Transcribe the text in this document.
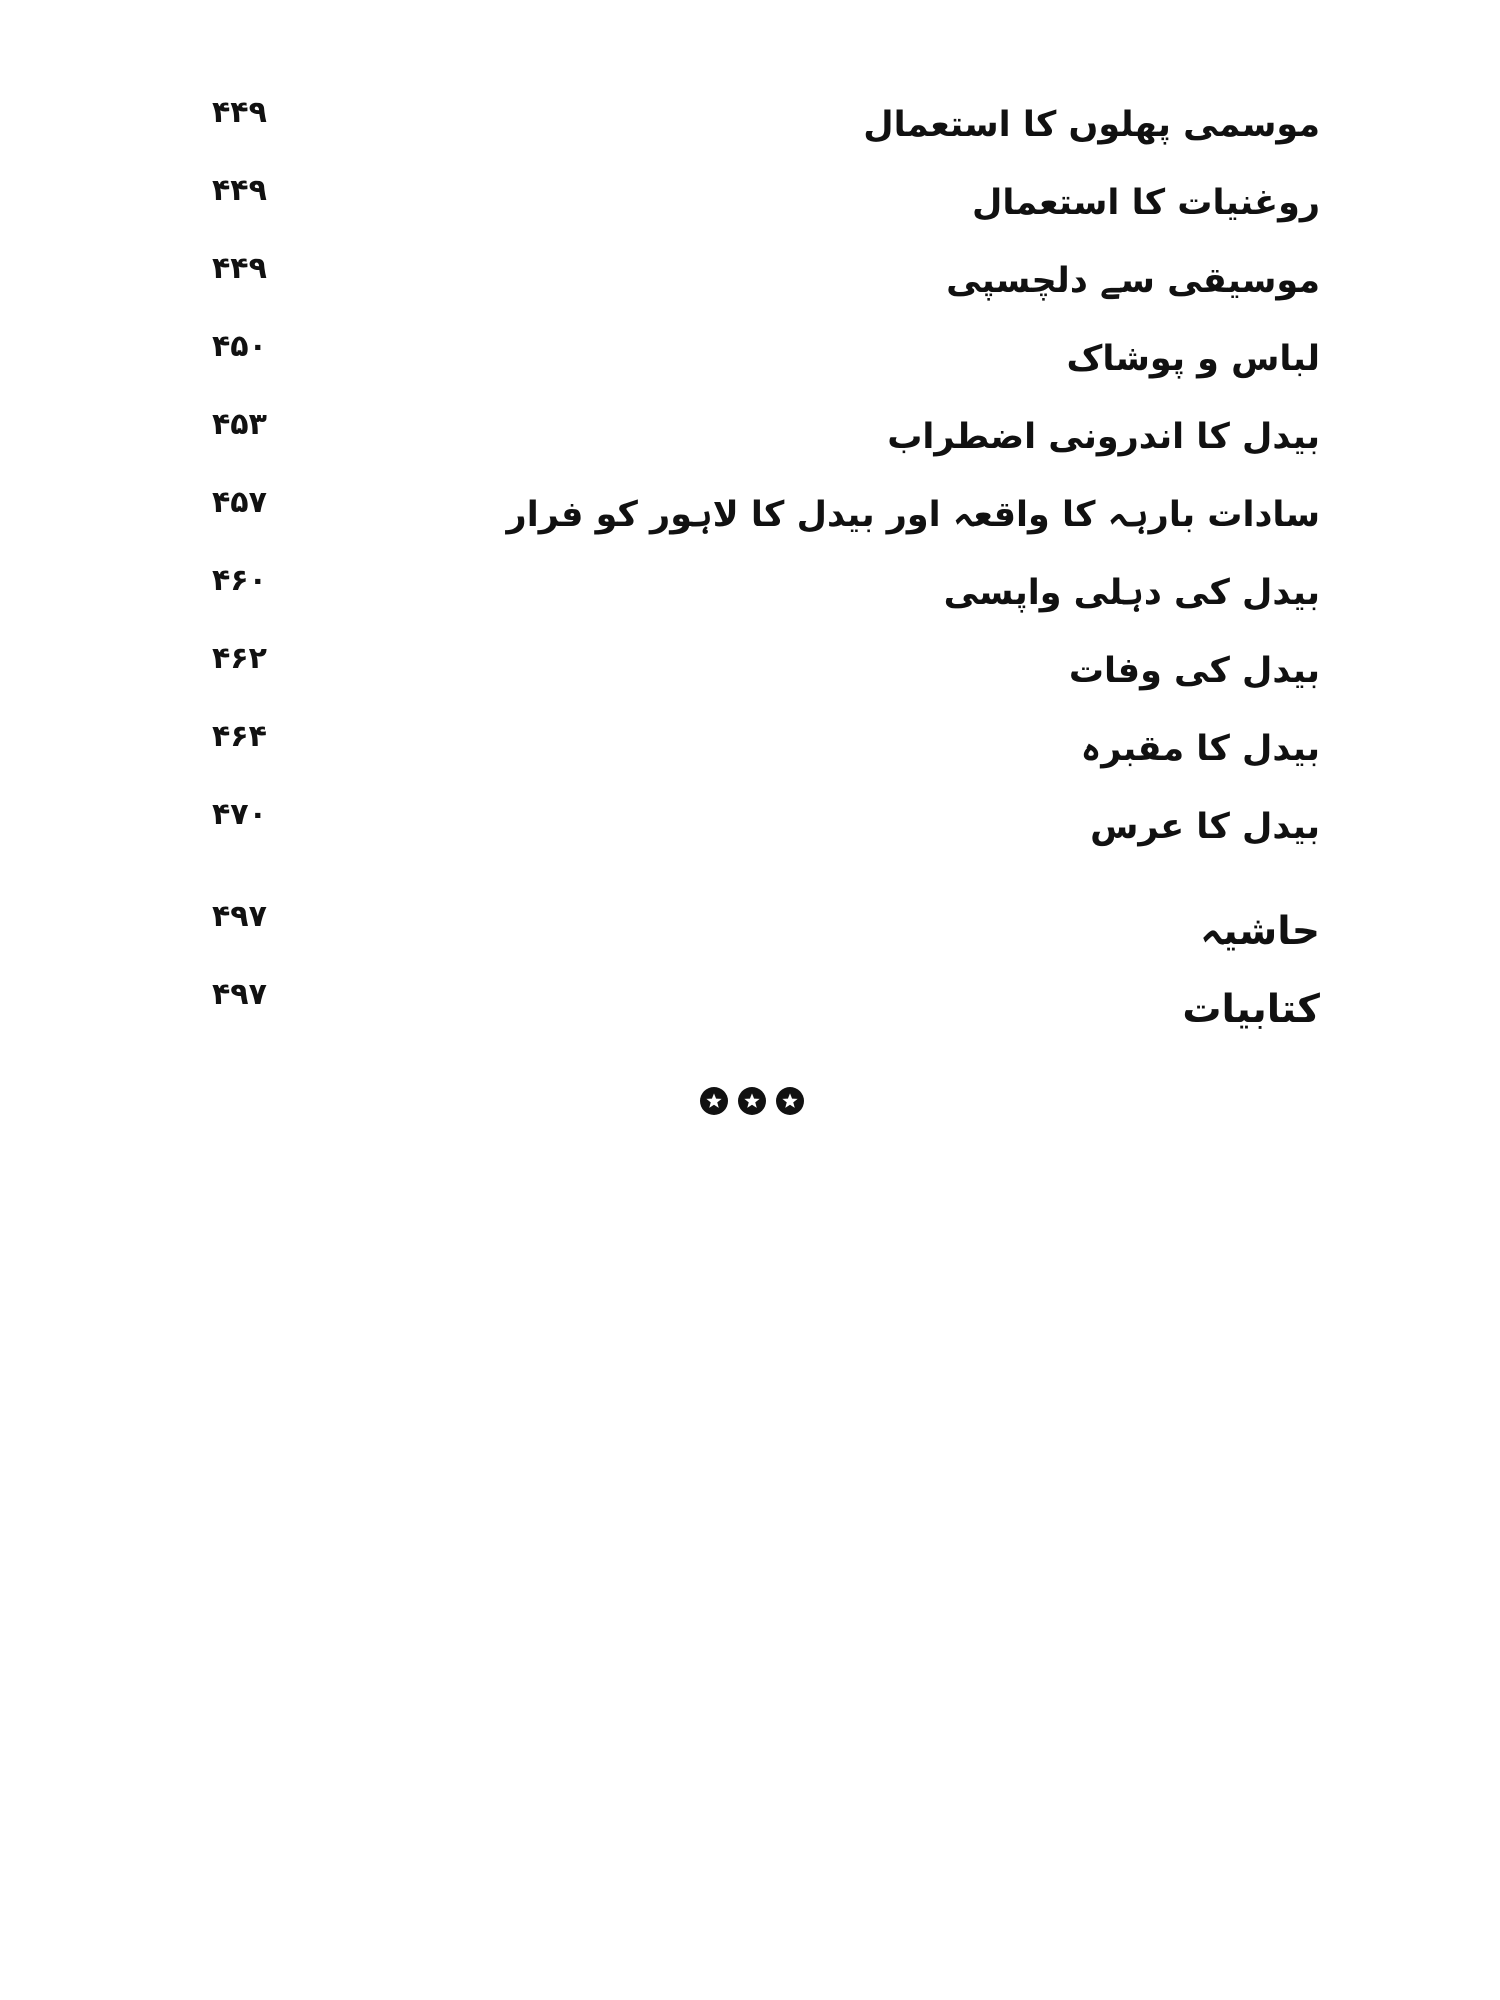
موسمی پھلوں کا استعمال
۴۴۹
روغنیات کا استعمال
۴۴۹
موسیقی سے دلچسپی
۴۴۹
لباس و پوشاک
۴۵۰
بیدل کا اندرونی اضطراب
۴۵۳
سادات بارہہ کا واقعہ اور بیدل کا لاہور کو فرار
۴۵۷
بیدل کی دہلی واپسی
۴۶۰
بیدل کی وفات
۴۶۲
بیدل کا مقبرہ
۴۶۴
بیدل کا عرس
۴۷۰
حاشیہ
۴۹۷
کتابیات
۴۹۷
